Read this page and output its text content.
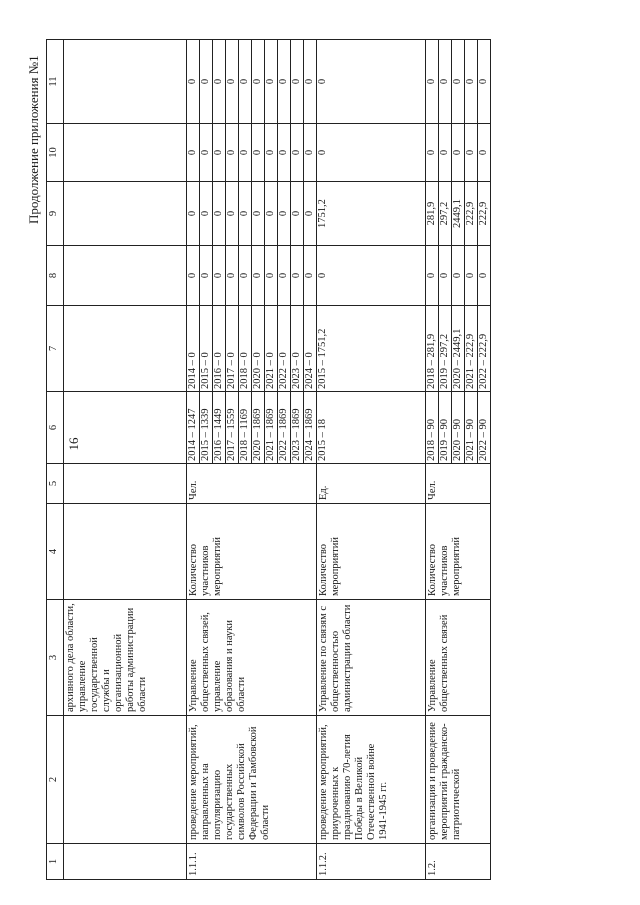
16
Продолжение приложения №1
1	2	3	4	5	6	7	8	9	10	11
		архивного дела области, управление государственной службы и организационной работы администрации области								
1.1.1.	проведение мероприятий, направленных на популяризацию государственных символов Российской Федерации и Тамбовской области	Управление общественных связей, управление образования и науки области	Количество участников мероприятий	Чел.	2014 – 1247	2014 – 0	0	0	0	0
					2015 – 1339	2015 – 0	0	0	0	0
					2016 – 1449	2016 – 0	0	0	0	0
					2017 – 1559	2017 – 0	0	0	0	0
					2018 – 1169	2018 – 0	0	0	0	0
					2020 – 1869	2020 – 0	0	0	0	0
					2021 – 1869	2021 – 0	0	0	0	0
					2022 – 1869	2022 – 0	0	0	0	0
					2023 – 1869	2023 – 0	0	0	0	0
					2024 – 1869	2024 – 0	0	0	0	0
1.1.2.	проведение мероприятий, приуроченных к празднованию 70-летия Победы в Великой Отечественной войне 1941-1945 гг.	Управление по связям с общественностью администрации области	Количество мероприятий	Ед.	2015 – 18	2015 – 1751,2	0	1751,2	0	0
1.2.	организация и проведение мероприятий гражданско-патриотической	Управление общественных связей	Количество участников мероприятий	Чел.	2018 – 90	2018 – 281,9	0	281,9	0	0
					2019 – 90	2019 – 297,2	0	297,2	0	0
					2020 – 90	2020 – 2449,1	0	2449,1	0	0
					2021 – 90	2021 – 222,9	0	222,9	0	0
					2022 – 90	2022 – 222,9	0	222,9	0	0
